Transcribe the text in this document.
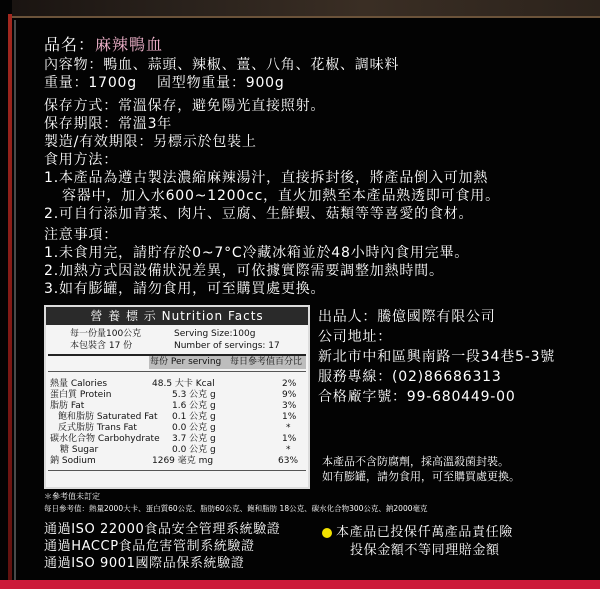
品名：麻辣鴨血
內容物：鴨血、蒜頭、辣椒、薑、八角、花椒、調味料
重量：1700g　 固型物重量：900g
保存方式：常溫保存，避免陽光直接照射。
保存期限：常溫3年
製造/有效期限：另標示於包裝上
食用方法：
1.本產品為遵古製法濃縮麻辣湯汁，直接拆封後，將產品倒入可加熱
容器中，加入水600~1200cc，直火加熱至本產品熟透即可食用。
2.可自行添加青菜、肉片、豆腐、生鮮蝦、菇類等等喜愛的食材。
注意事項：
1.未食用完，請貯存於0~7°C冷藏冰箱並於48小時內食用完畢。
2.加熱方式因設備狀況差異，可依據實際需要調整加熱時間。
3.如有膨罐，請勿食用，可至購買處更換。
營 養 標 示 Nutrition Facts
每一份量100公克	Serving Size:100g
本包裝含 17 份	Number of servings: 17
每份 Per serving 每日參考值百分比
熱量 Calories	48.5 大卡 Kcal	2%
蛋白質 Protein	5.3 公克 g	9%
脂肪 Fat	1.6 公克 g	3%
飽和脂肪 Saturated Fat 0.1 公克 g	1%
反式脂肪 Trans Fat	0.0 公克 g	*
碳水化合物 Carbohydrate 3.7 公克 g	1%
糖 Sugar	0.0 公克 g	*
鈉 Sodium	1269 毫克 mg	63%
＊參考值未訂定
每日參考值：熱量2000大卡、蛋白質60公克、脂肪60公克、飽和脂肪 18公克、碳水化合物300公克、鈉2000毫克
出品人：騰億國際有限公司
公司地址：
新北市中和區興南路一段34巷5-3號
服務專線：(02)86686313
合格廠字號：99-680449-00
本產品不含防腐劑，採高溫殺菌封裝。
如有膨罐，請勿食用，可至購買處更換。
通過ISO 22000食品安全管理系統驗證
通過HACCP食品危害管制系統驗證
通過ISO 9001國際品保系統驗證
本產品已投保仟萬產品責任險
投保金額不等同理賠金額
